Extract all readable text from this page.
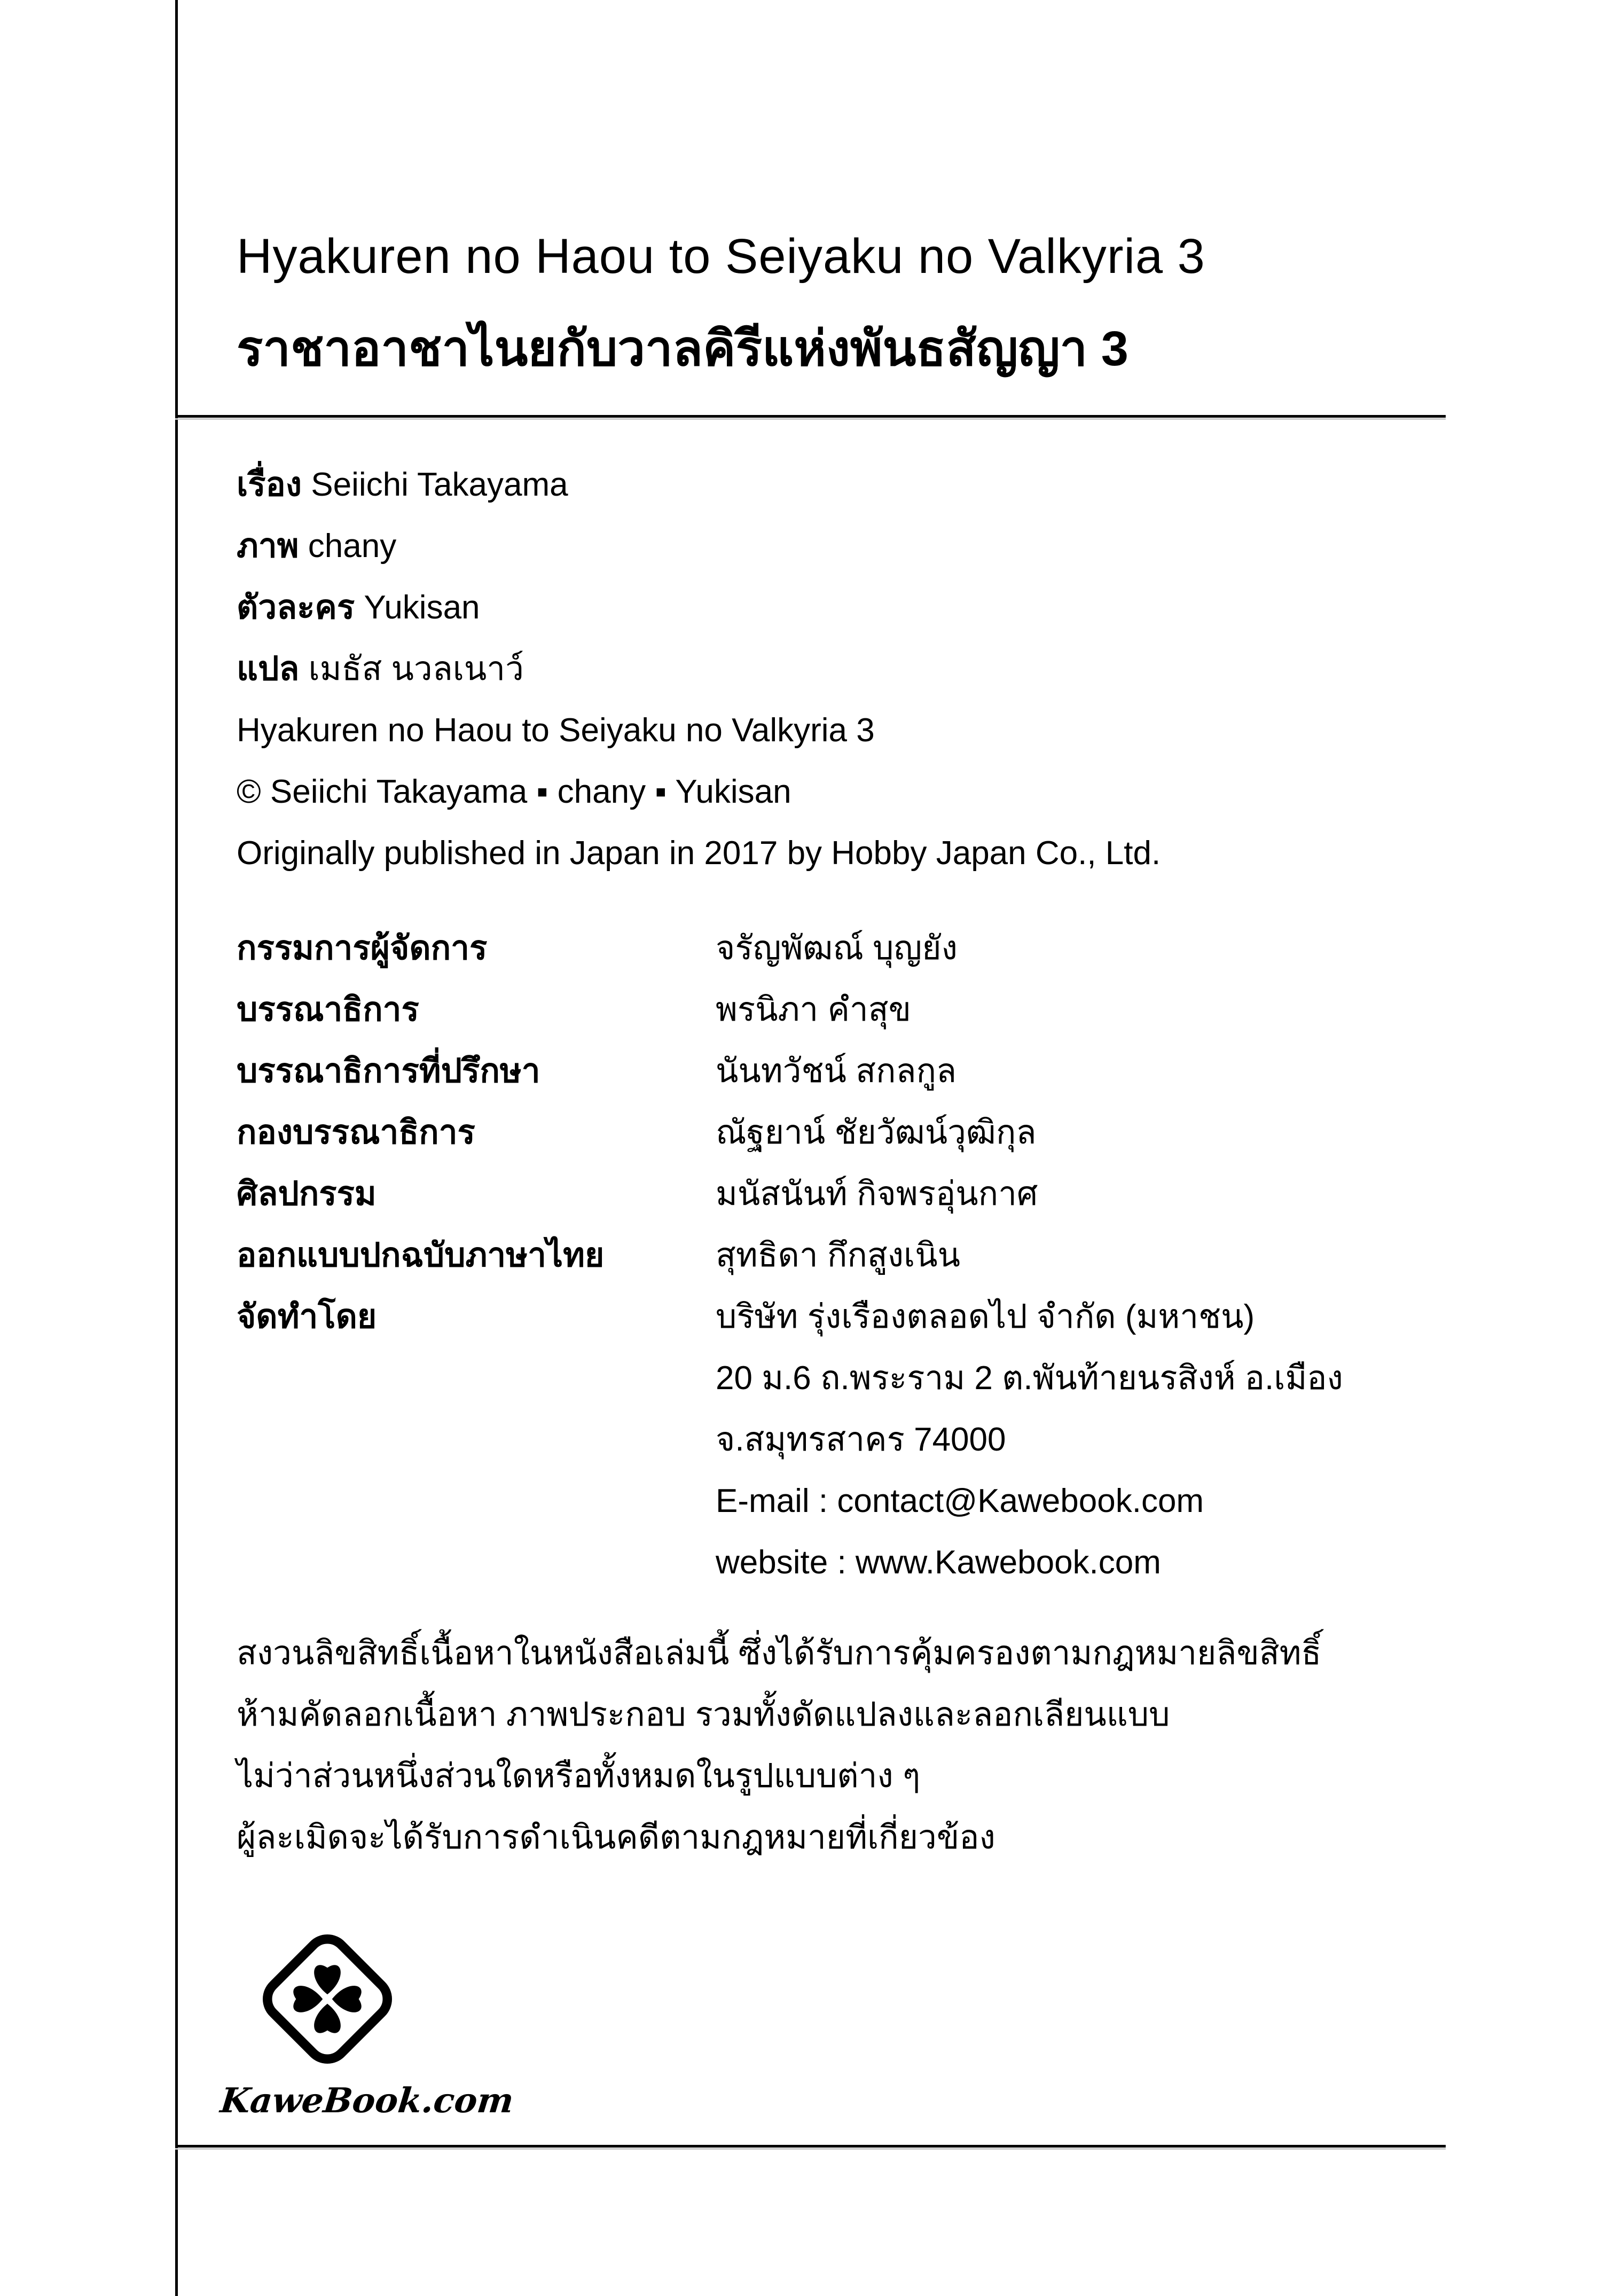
Hyakuren no Haou to Seiyaku no Valkyria 3
ราชาอาชาไนยกับวาลคิรีแห่งพันธสัญญา 3
เรื่อง Seiichi Takayama
ภาพ chany
ตัวละคร Yukisan
แปล เมธัส นวลเนาว์
Hyakuren no Haou to Seiyaku no Valkyria 3
© Seiichi Takayama ▪ chany ▪ Yukisan
Originally published in Japan in 2017 by Hobby Japan Co., Ltd.
กรรมการผู้จัดการ
บรรณาธิการ
บรรณาธิการที่ปรึกษา
กองบรรณาธิการ
ศิลปกรรม
ออกแบบปกฉบับภาษาไทย
จัดทำโดย
จรัญพัฒณ์ บุญยัง
พรนิภา คำสุข
นันทวัชน์ สกลกูล
ณัฐยาน์ ชัยวัฒน์วุฒิกุล
มนัสนันท์ กิจพรอุ่นกาศ
สุทธิดา กึกสูงเนิน
บริษัท รุ่งเรืองตลอดไป จำกัด (มหาชน)
20 ม.6 ถ.พระราม 2 ต.พันท้ายนรสิงห์ อ.เมือง
จ.สมุทรสาคร 74000
E-mail : contact@Kawebook.com
website : www.Kawebook.com
สงวนลิขสิทธิ์เนื้อหาในหนังสือเล่มนี้ ซึ่งได้รับการคุ้มครองตามกฎหมายลิขสิทธิ์
ห้ามคัดลอกเนื้อหา ภาพประกอบ รวมทั้งดัดแปลงและลอกเลียนแบบ
ไม่ว่าส่วนหนึ่งส่วนใดหรือทั้งหมดในรูปแบบต่าง ๆ
ผู้ละเมิดจะได้รับการดำเนินคดีตามกฎหมายที่เกี่ยวข้อง
KaweBook.com
